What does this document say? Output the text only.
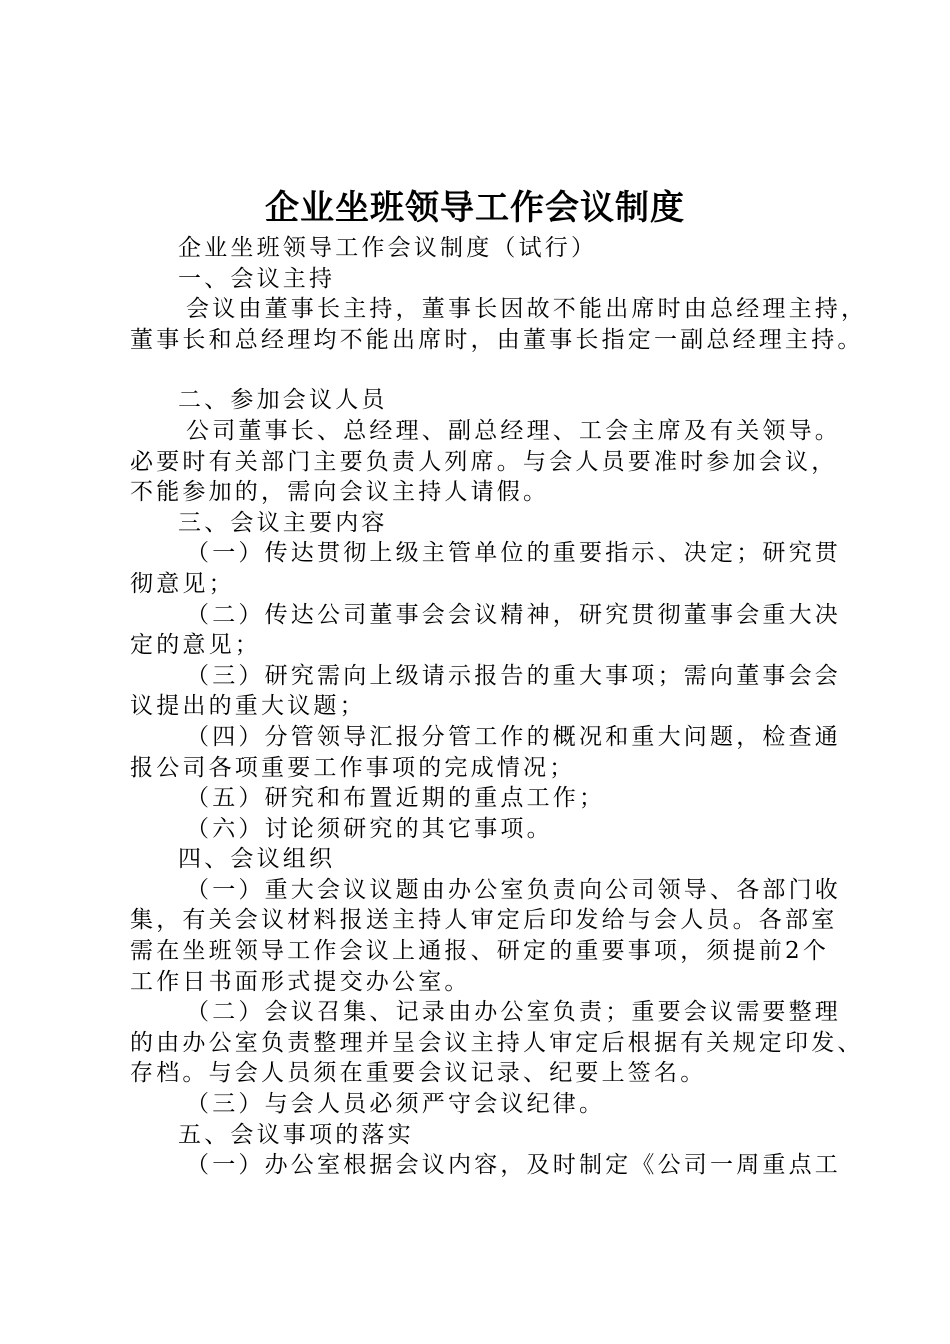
企业坐班领导工作会议制度
企业坐班领导工作会议制度（试行）
一、会议主持
会议由董事长主持，董事长因故不能出席时由总经理主持，
董事长和总经理均不能出席时，由董事长指定一副总经理主持。
二、参加会议人员
公司董事长、总经理、副总经理、工会主席及有关领导。
必要时有关部门主要负责人列席。与会人员要准时参加会议，
不能参加的，需向会议主持人请假。
三、会议主要内容
（一）传达贯彻上级主管单位的重要指示、决定；研究贯
彻意见；
（二）传达公司董事会会议精神，研究贯彻董事会重大决
定的意见；
（三）研究需向上级请示报告的重大事项；需向董事会会
议提出的重大议题；
（四）分管领导汇报分管工作的概况和重大问题，检查通
报公司各项重要工作事项的完成情况；
（五）研究和布置近期的重点工作；
（六）讨论须研究的其它事项。
四、会议组织
（一）重大会议议题由办公室负责向公司领导、各部门收
集，有关会议材料报送主持人审定后印发给与会人员。各部室
需在坐班领导工作会议上通报、研定的重要事项，须提前2个
工作日书面形式提交办公室。
（二）会议召集、记录由办公室负责；重要会议需要整理
的由办公室负责整理并呈会议主持人审定后根据有关规定印发、
存档。与会人员须在重要会议记录、纪要上签名。
（三）与会人员必须严守会议纪律。
五、会议事项的落实
（一）办公室根据会议内容，及时制定《公司一周重点工
